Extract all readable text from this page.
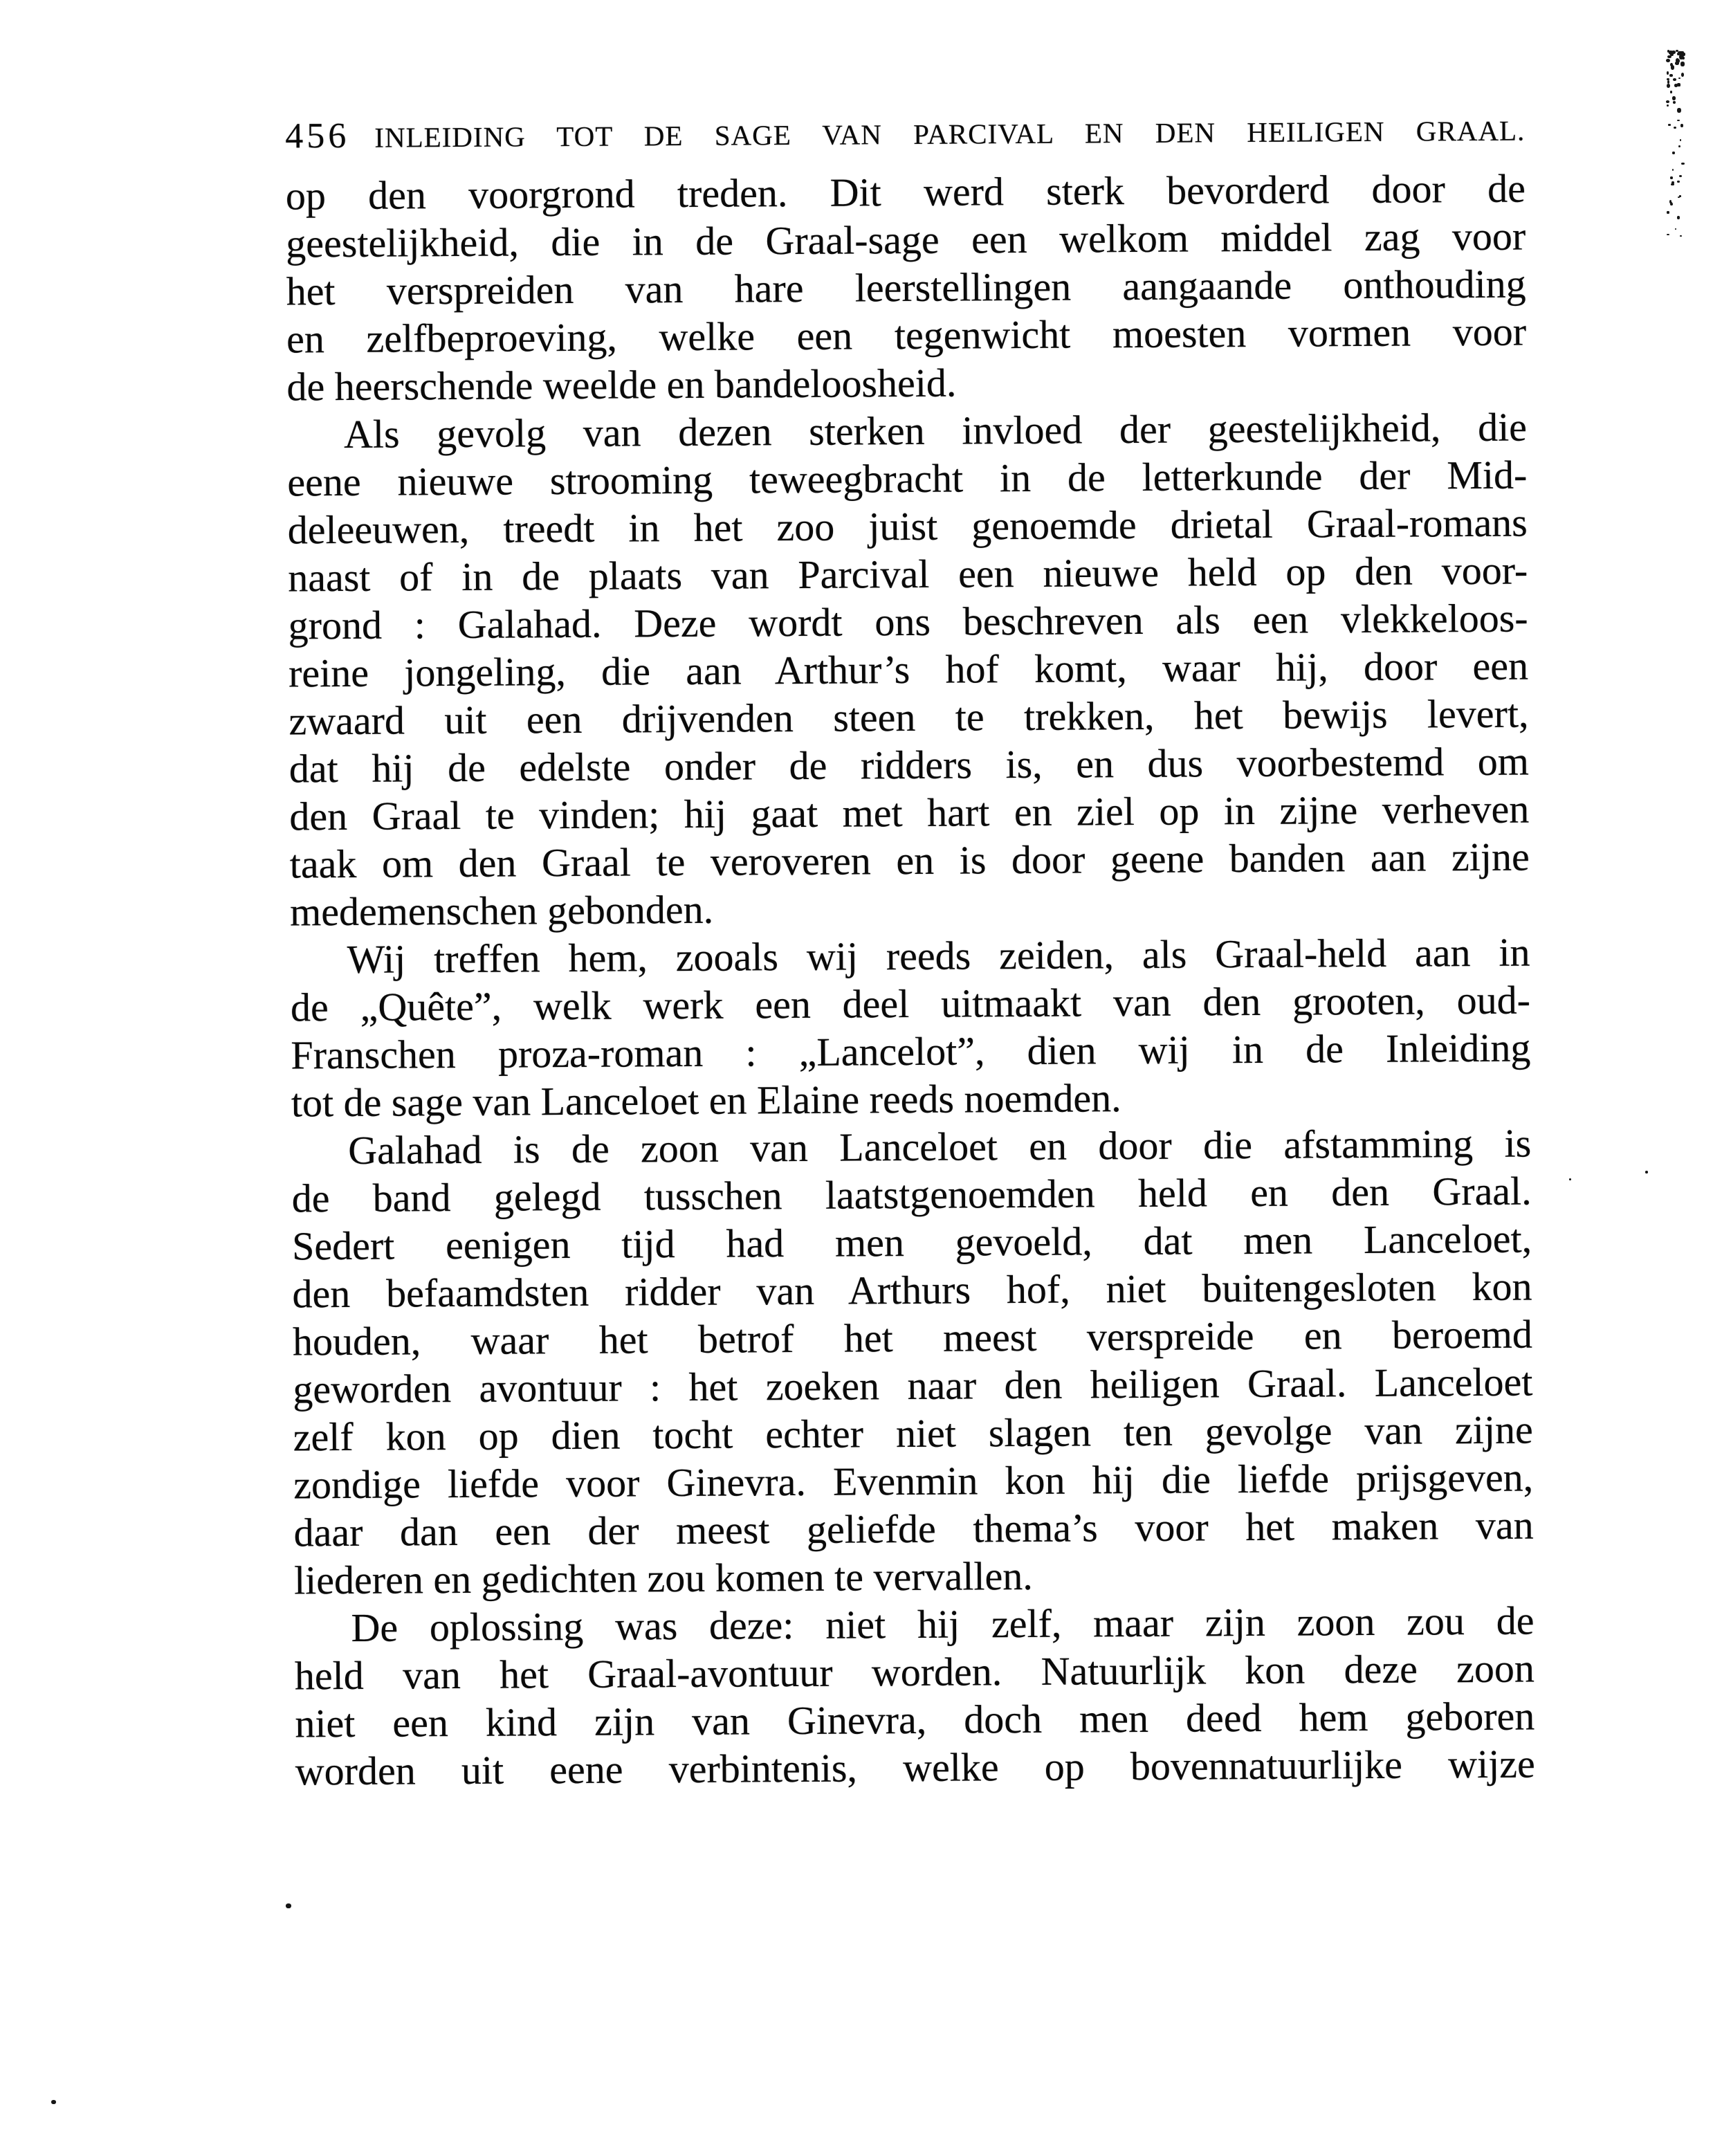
456 INLEIDING TOT DE SAGE VAN PARCIVAL EN DEN HEILIGEN GRAAL.
op den voorgrond treden. Dit werd sterk bevorderd door de
geestelijkheid, die in de Graal-sage een welkom middel zag voor
het verspreiden van hare leerstellingen aangaande onthouding
en zelfbeproeving, welke een tegenwicht moesten vormen voor
de heerschende weelde en bandeloosheid.
Als gevolg van dezen sterken invloed der geestelijkheid, die
eene nieuwe strooming teweegbracht in de letterkunde der Mid-
deleeuwen, treedt in het zoo juist genoemde drietal Graal-romans
naast of in de plaats van Parcival een nieuwe held op den voor-
grond : Galahad. Deze wordt ons beschreven als een vlekkeloos-
reine jongeling, die aan Arthur’s hof komt, waar hij, door een
zwaard uit een drijvenden steen te trekken, het bewijs levert,
dat hij de edelste onder de ridders is, en dus voorbestemd om
den Graal te vinden; hij gaat met hart en ziel op in zijne verheven
taak om den Graal te veroveren en is door geene banden aan zijne
medemenschen gebonden.
Wij treffen hem, zooals wij reeds zeiden, als Graal-held aan in
de „Quête”, welk werk een deel uitmaakt van den grooten, oud-
Franschen proza-roman : „Lancelot”, dien wij in de Inleiding
tot de sage van Lanceloet en Elaine reeds noemden.
Galahad is de zoon van Lanceloet en door die afstamming is
de band gelegd tusschen laatstgenoemden held en den Graal.
Sedert eenigen tijd had men gevoeld, dat men Lanceloet,
den befaamdsten ridder van Arthurs hof, niet buitengesloten kon
houden, waar het betrof het meest verspreide en beroemd
geworden avontuur : het zoeken naar den heiligen Graal. Lanceloet
zelf kon op dien tocht echter niet slagen ten gevolge van zijne
zondige liefde voor Ginevra. Evenmin kon hij die liefde prijsgeven,
daar dan een der meest geliefde thema’s voor het maken van
liederen en gedichten zou komen te vervallen.
De oplossing was deze: niet hij zelf, maar zijn zoon zou de
held van het Graal-avontuur worden. Natuurlijk kon deze zoon
niet een kind zijn van Ginevra, doch men deed hem geboren
worden uit eene verbintenis, welke op bovennatuurlijke wijze
